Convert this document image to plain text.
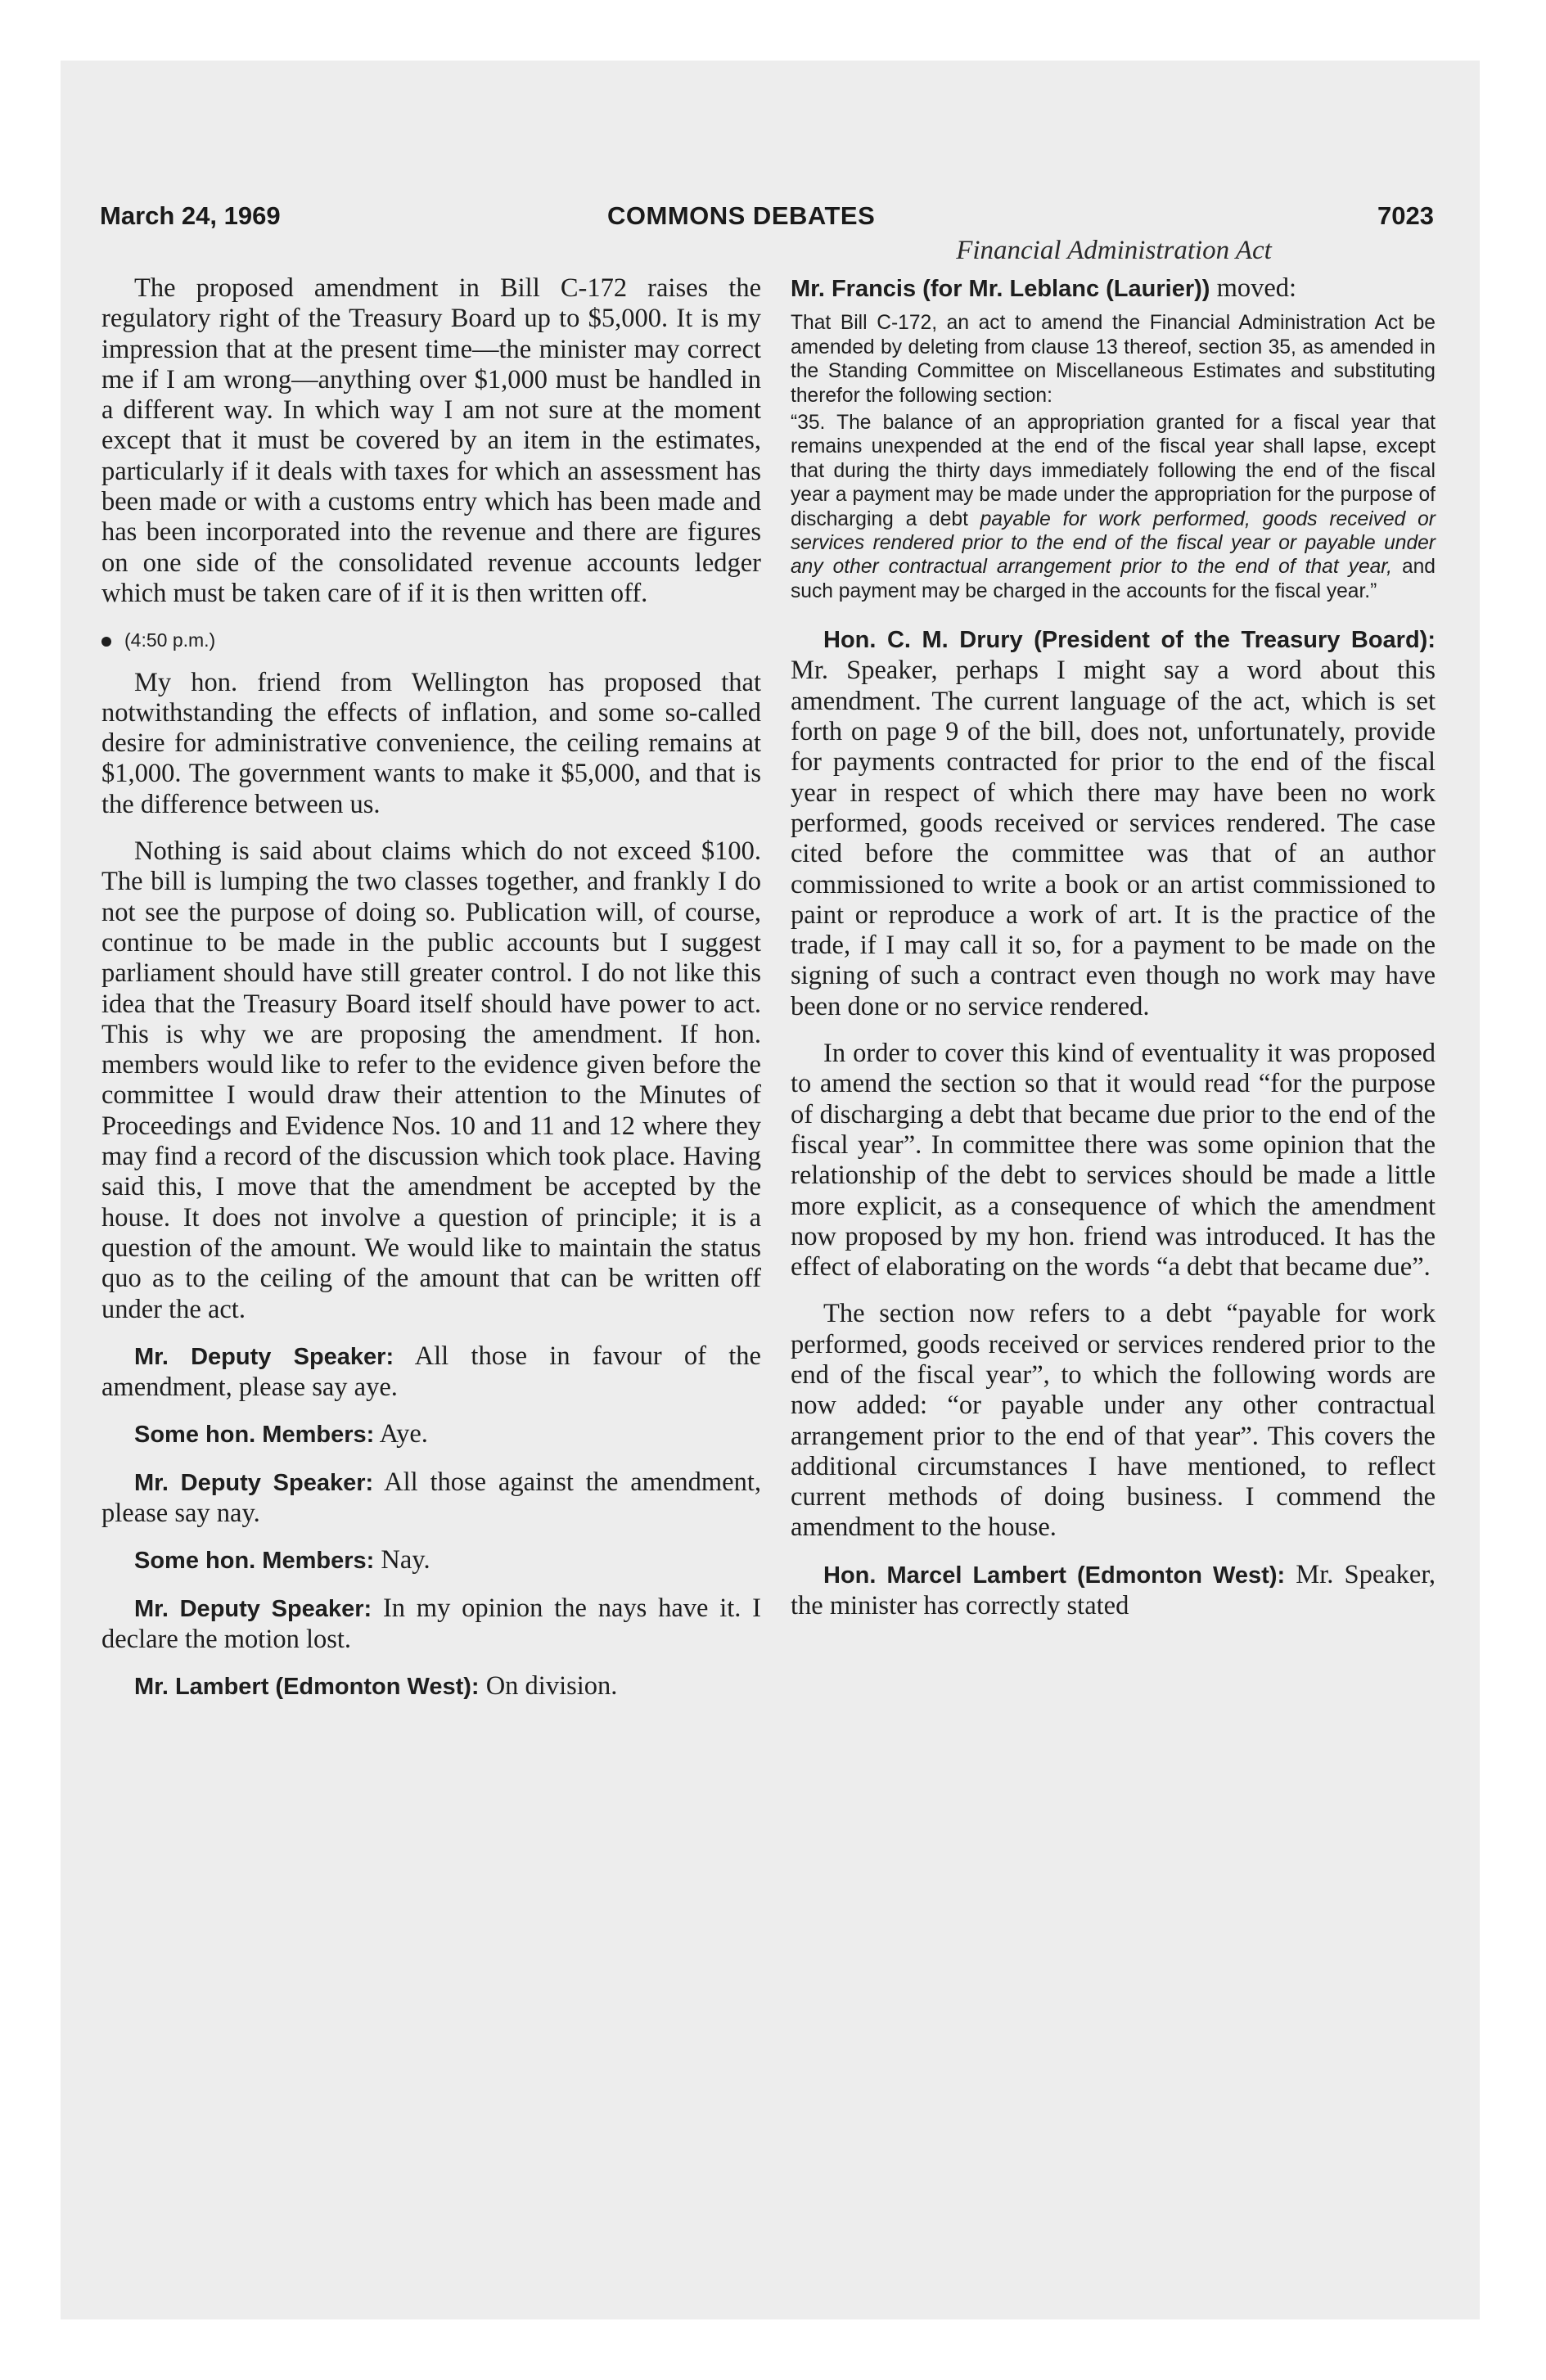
March 24, 1969	COMMONS DEBATES	7023
Financial Administration Act

The proposed amendment in Bill C-172 raises the regulatory right of the Treasury Board up to $5,000. It is my impression that at the present time—the minister may correct me if I am wrong—anything over $1,000 must be handled in a different way. In which way I am not sure at the moment except that it must be covered by an item in the estimates, particularly if it deals with taxes for which an assessment has been made or with a customs entry which has been made and has been incorporated into the revenue and there are figures on one side of the consolidated revenue accounts ledger which must be taken care of if it is then written off.

(4:50 p.m.)

My hon. friend from Wellington has proposed that notwithstanding the effects of inflation, and some so-called desire for administrative convenience, the ceiling remains at $1,000. The government wants to make it $5,000, and that is the difference between us.

Nothing is said about claims which do not exceed $100. The bill is lumping the two classes together, and frankly I do not see the purpose of doing so. Publication will, of course, continue to be made in the public accounts but I suggest parliament should have still greater control. I do not like this idea that the Treasury Board itself should have power to act. This is why we are proposing the amendment. If hon. members would like to refer to the evidence given before the committee I would draw their attention to the Minutes of Proceedings and Evidence Nos. 10 and 11 and 12 where they may find a record of the discussion which took place. Having said this, I move that the amendment be accepted by the house. It does not involve a question of principle; it is a question of the amount. We would like to maintain the status quo as to the ceiling of the amount that can be written off under the act.

Mr. Deputy Speaker: All those in favour of the amendment, please say aye.

Some hon. Members: Aye.

Mr. Deputy Speaker: All those against the amendment, please say nay.

Some hon. Members: Nay.

Mr. Deputy Speaker: In my opinion the nays have it. I declare the motion lost.

Mr. Lambert (Edmonton West): On division.

Mr. Francis (for Mr. Leblanc (Laurier)) moved:

That Bill C-172, an act to amend the Financial Administration Act be amended by deleting from clause 13 thereof, section 35, as amended in the Standing Committee on Miscellaneous Estimates and substituting therefor the following section:
“35. The balance of an appropriation granted for a fiscal year that remains unexpended at the end of the fiscal year shall lapse, except that during the thirty days immediately following the end of the fiscal year a payment may be made under the appropriation for the purpose of discharging a debt payable for work performed, goods received or services rendered prior to the end of the fiscal year or payable under any other contractual arrangement prior to the end of that year, and such payment may be charged in the accounts for the fiscal year.”

Hon. C. M. Drury (President of the Treasury Board): Mr. Speaker, perhaps I might say a word about this amendment. The current language of the act, which is set forth on page 9 of the bill, does not, unfortunately, provide for payments contracted for prior to the end of the fiscal year in respect of which there may have been no work performed, goods received or services rendered. The case cited before the committee was that of an author commissioned to write a book or an artist commissioned to paint or reproduce a work of art. It is the practice of the trade, if I may call it so, for a payment to be made on the signing of such a contract even though no work may have been done or no service rendered.

In order to cover this kind of eventuality it was proposed to amend the section so that it would read “for the purpose of discharging a debt that became due prior to the end of the fiscal year”. In committee there was some opinion that the relationship of the debt to services should be made a little more explicit, as a consequence of which the amendment now proposed by my hon. friend was introduced. It has the effect of elaborating on the words “a debt that became due”.

The section now refers to a debt “payable for work performed, goods received or services rendered prior to the end of the fiscal year”, to which the following words are now added: “or payable under any other contractual arrangement prior to the end of that year”. This covers the additional circumstances I have mentioned, to reflect current methods of doing business. I commend the amendment to the house.

Hon. Marcel Lambert (Edmonton West): Mr. Speaker, the minister has correctly stated
